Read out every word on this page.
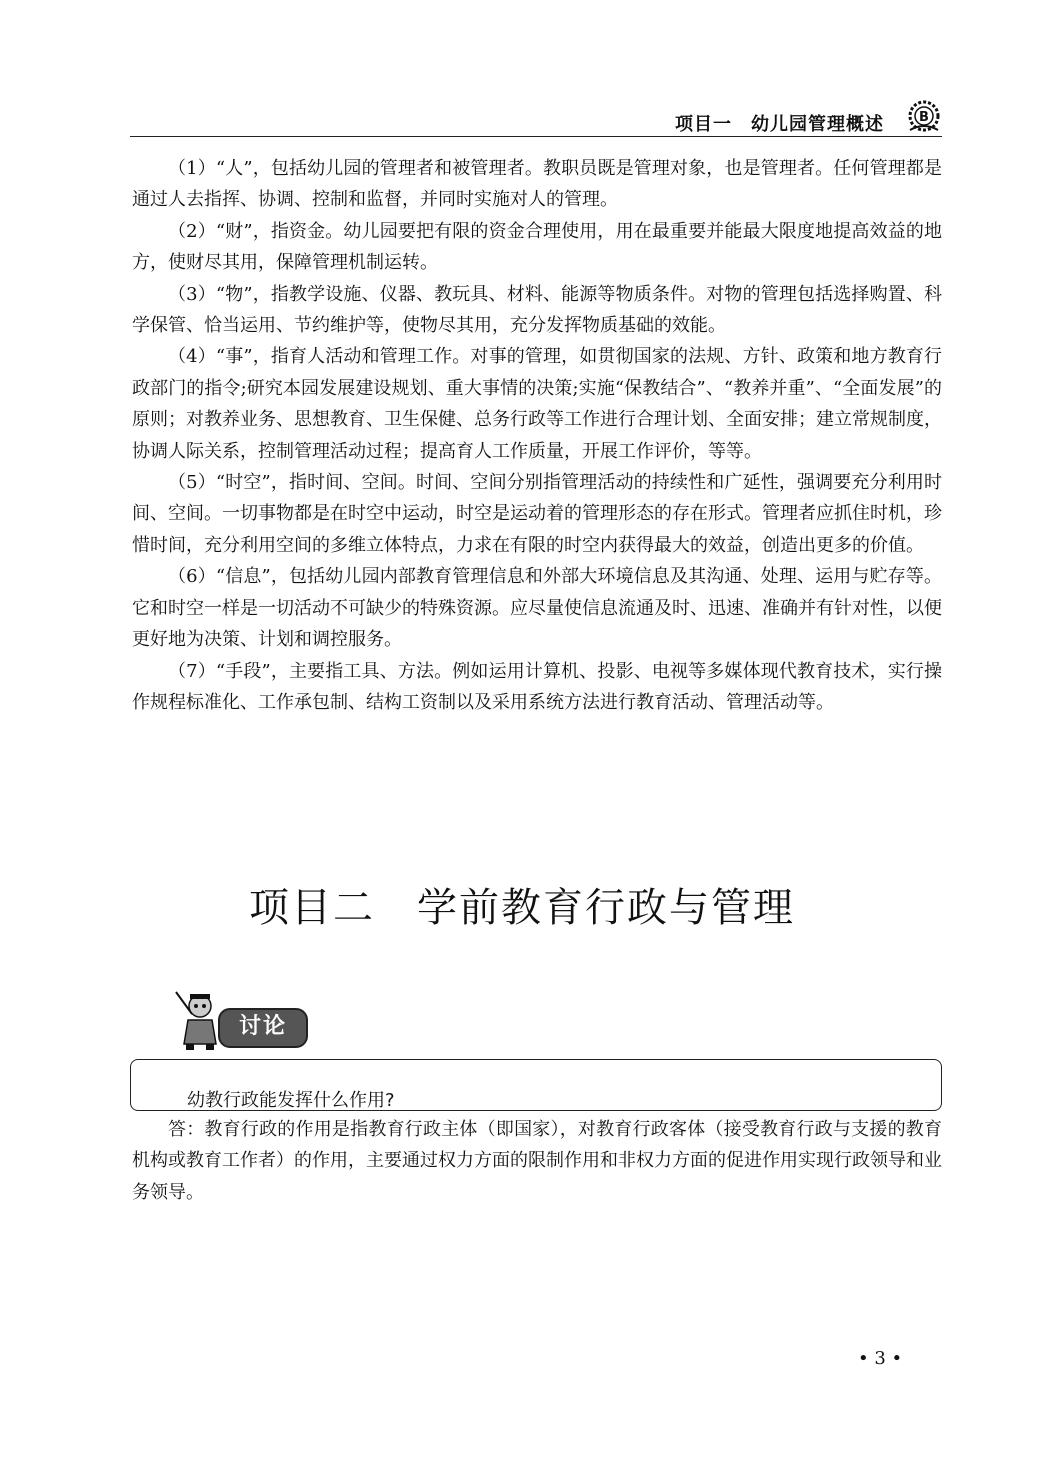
项目一　幼儿园管理概述	B

（1）“人”，包括幼儿园的管理者和被管理者。教职员既是管理对象，也是管理者。任何管理都是通过人去指挥、协调、控制和监督，并同时实施对人的管理。

（2）“财”，指资金。幼儿园要把有限的资金合理使用，用在最重要并能最大限度地提高效益的地方，使财尽其用，保障管理机制运转。

（3）“物”，指教学设施、仪器、教玩具、材料、能源等物质条件。对物的管理包括选择购置、科学保管、恰当运用、节约维护等，使物尽其用，充分发挥物质基础的效能。

（4）“事”，指育人活动和管理工作。对事的管理，如贯彻国家的法规、方针、政策和地方教育行政部门的指令;研究本园发展建设规划、重大事情的决策;实施“保教结合”、“教养并重”、“全面发展”的原则；对教养业务、思想教育、卫生保健、总务行政等工作进行合理计划、全面安排；建立常规制度，协调人际关系，控制管理活动过程；提高育人工作质量，开展工作评价，等等。

（5）“时空”，指时间、空间。时间、空间分别指管理活动的持续性和广延性，强调要充分利用时间、空间。一切事物都是在时空中运动，时空是运动着的管理形态的存在形式。管理者应抓住时机，珍惜时间，充分利用空间的多维立体特点，力求在有限的时空内获得最大的效益，创造出更多的价值。

（6）“信息”，包括幼儿园内部教育管理信息和外部大环境信息及其沟通、处理、运用与贮存等。它和时空一样是一切活动不可缺少的特殊资源。应尽量使信息流通及时、迅速、准确并有针对性，以便更好地为决策、计划和调控服务。

（7）“手段”，主要指工具、方法。例如运用计算机、投影、电视等多媒体现代教育技术，实行操作规程标准化、工作承包制、结构工资制以及采用系统方法进行教育活动、管理活动等。

项目二　学前教育行政与管理
讨论
幼教行政能发挥什么作用?

答：教育行政的作用是指教育行政主体（即国家），对教育行政客体（接受教育行政与支援的教育机构或教育工作者）的作用，主要通过权力方面的限制作用和非权力方面的促进作用实现行政领导和业务领导。

• 3 •
